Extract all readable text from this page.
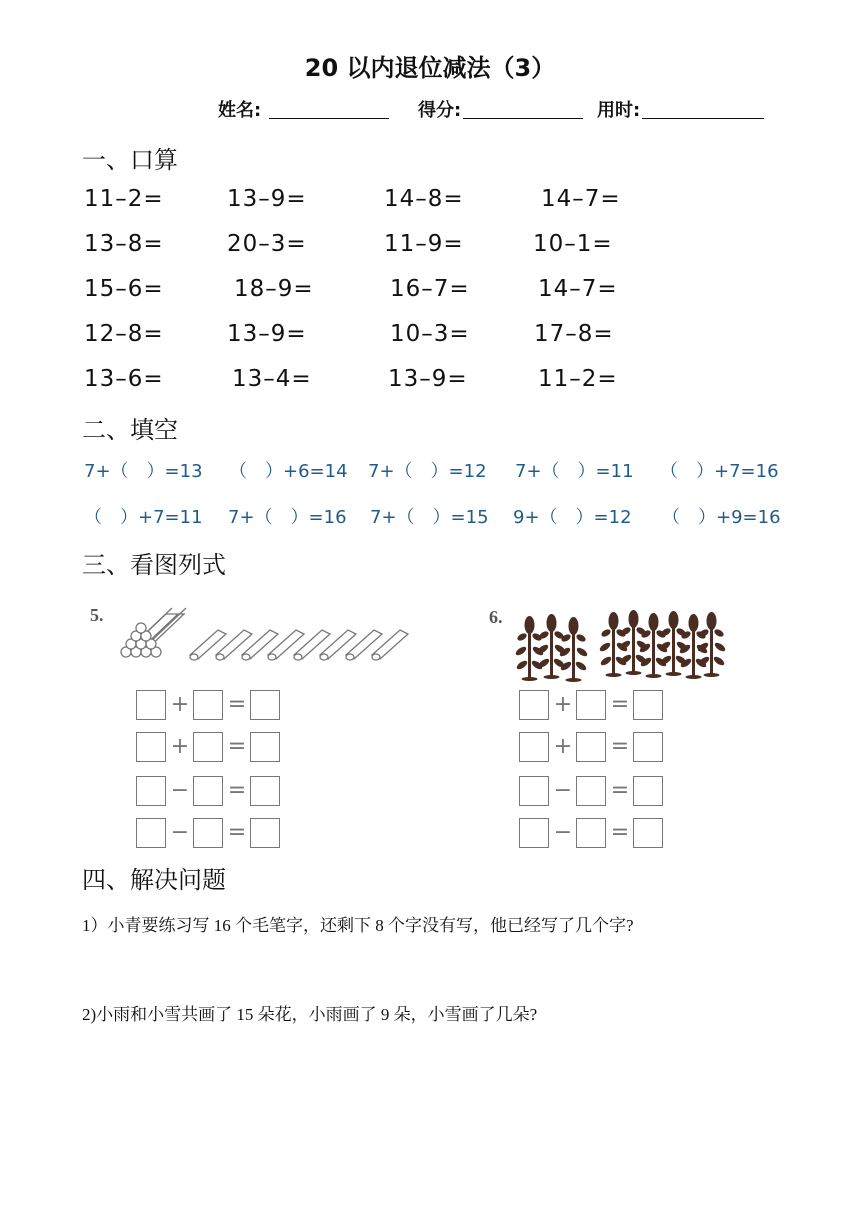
20 以内退位减法（3）
姓名:	得分:	用时:
一、口算
11–2=	13–9=	14–8=	14–7=
13–8=	20–3=	11–9=	10–1=
15–6=	18–9=	16–7=	14–7=
12–8=	13–9=	10–3=	17–8=
13–6=	13–4=	13–9=	11–2=
二、填空
7+（　）=13 （　）+6=14 7+（　）=12 7+（　）=11 （　）+7=16
（　）+7=11 7+（　）=16 7+（　）=15 9+（　）=12 （　）+9=16
三、看图列式
5.	6.
+ =
+ =
− =
− =
+ =
+ =
− =
− =
四、解决问题
1）小青要练习写 16 个毛笔字，还剩下 8 个字没有写，他已经写了几个字?
2)小雨和小雪共画了 15 朵花，小雨画了 9 朵，小雪画了几朵?
